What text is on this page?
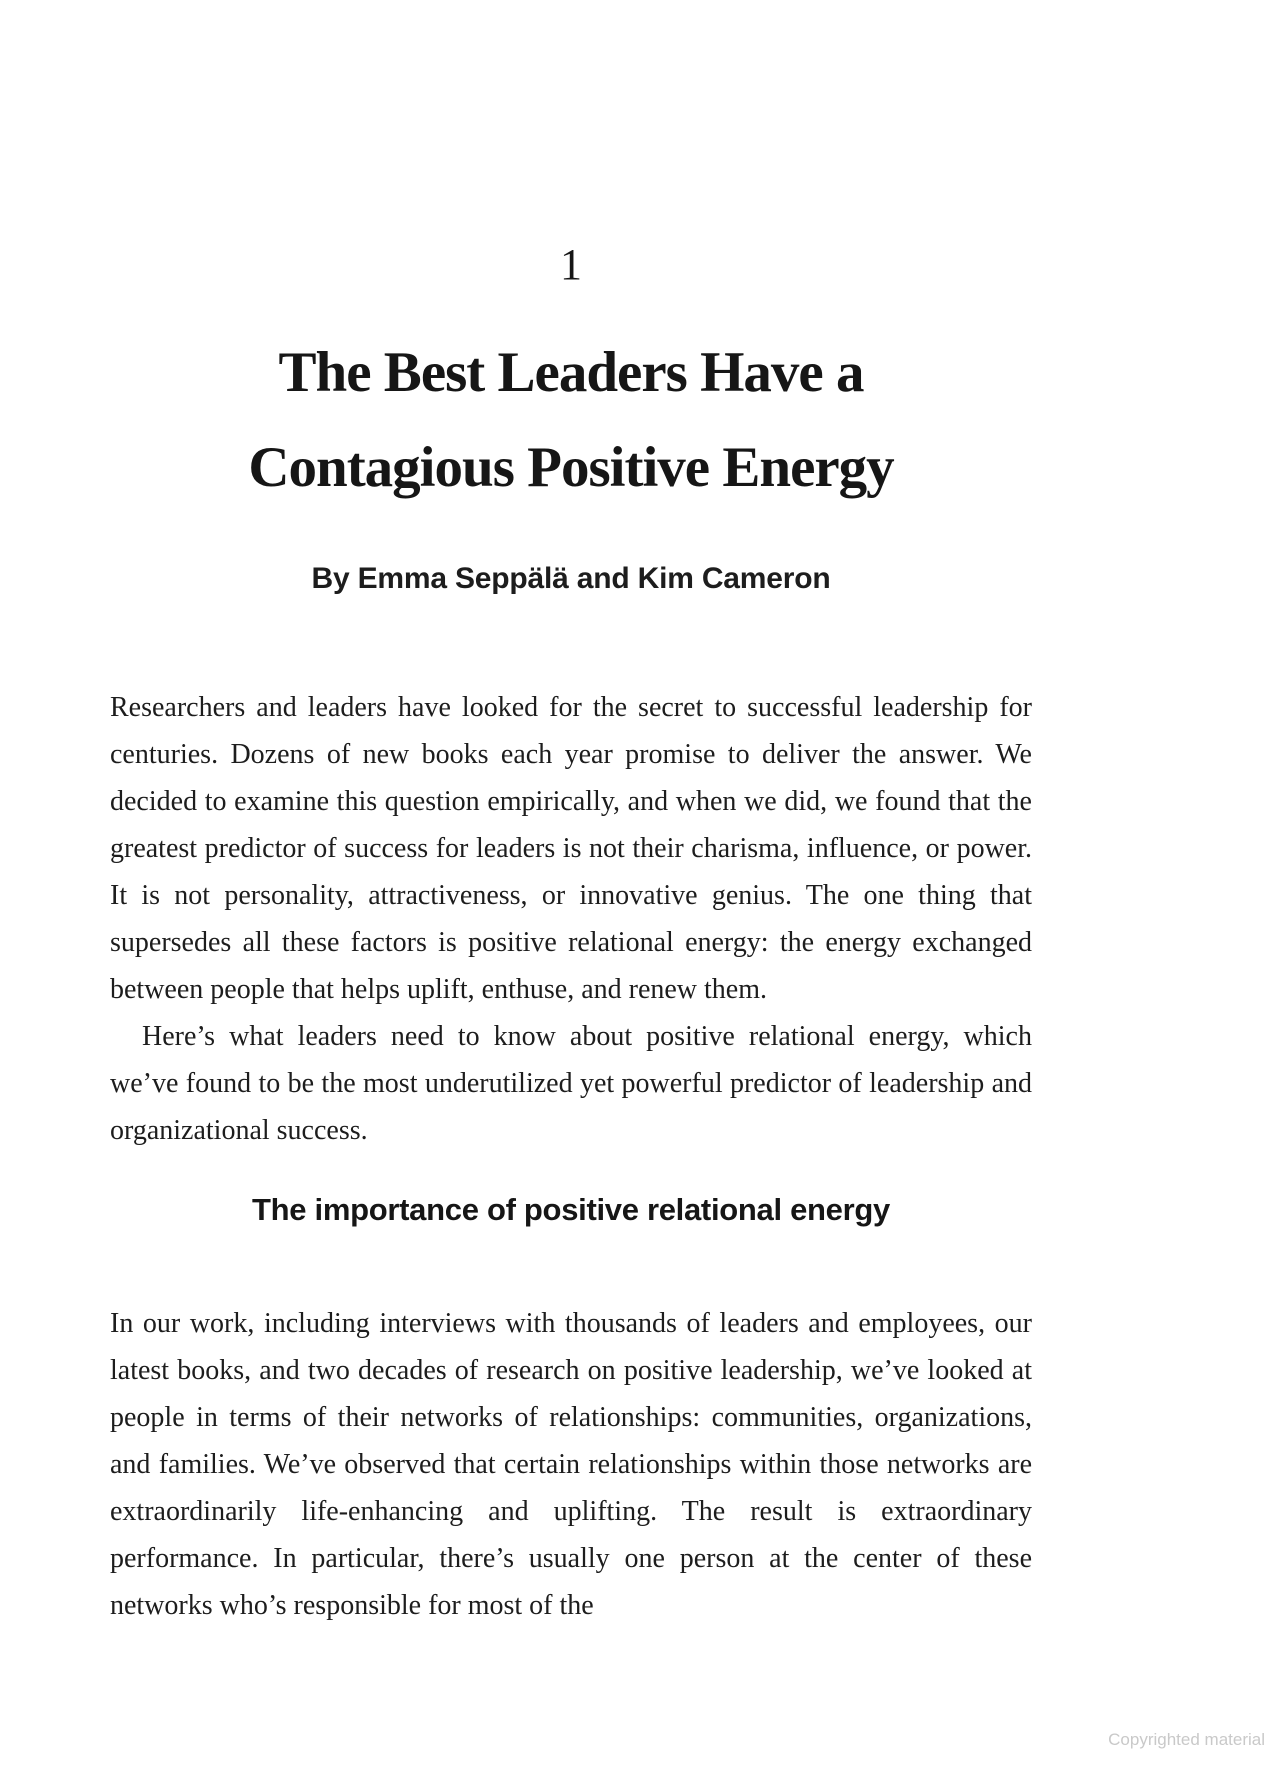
1
The Best Leaders Have a
Contagious Positive Energy
By Emma Seppälä and Kim Cameron

Researchers and leaders have looked for the secret to successful leadership for centuries. Dozens of new books each year promise to deliver the answer. We decided to examine this question empirically, and when we did, we found that the greatest predictor of success for leaders is not their charisma, influence, or power. It is not personality, attractiveness, or innovative genius. The one thing that supersedes all these factors is positive relational energy: the energy exchanged between people that helps uplift, enthuse, and renew them.

Here’s what leaders need to know about positive relational energy, which we’ve found to be the most underutilized yet powerful predictor of leadership and organizational success.

The importance of positive relational energy

In our work, including interviews with thousands of leaders and employees, our latest books, and two decades of research on positive leadership, we’ve looked at people in terms of their networks of relationships: communities, organizations, and families. We’ve observed that certain relationships within those networks are extraordinarily life-enhancing and uplifting. The result is extraordinary performance. In particular, there’s usually one person at the center of these networks who’s responsible for most of the

Copyrighted material
